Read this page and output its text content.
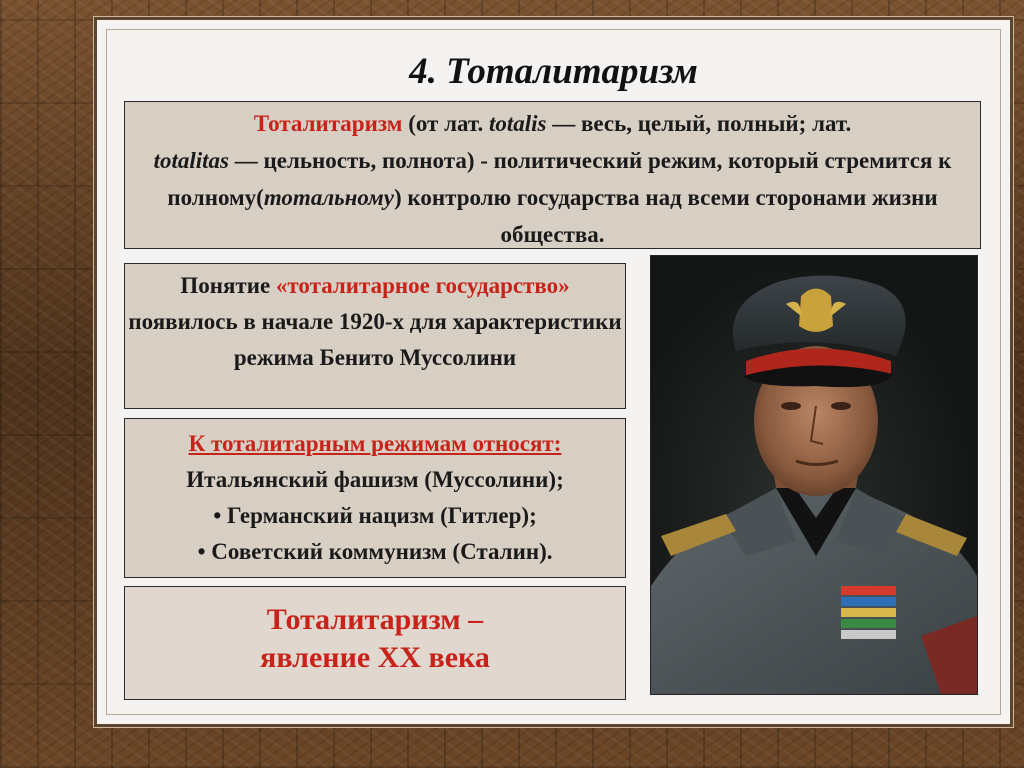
4. Тоталитаризм
Тоталитаризм (от лат. totalis — весь, целый, полный; лат.
totalitas — цельность, полнота) - политический режим, который стремится к полному(тотальному) контролю государства над всеми сторонами жизни общества.
Понятие «тоталитарное государство» появилось в начале 1920-х для характеристики режима Бенито Муссолини
К тоталитарным режимам относят:
Итальянский фашизм (Муссолини);
• Германский нацизм (Гитлер);
• Советский коммунизм (Сталин).
Тоталитаризм –
явление XX века
